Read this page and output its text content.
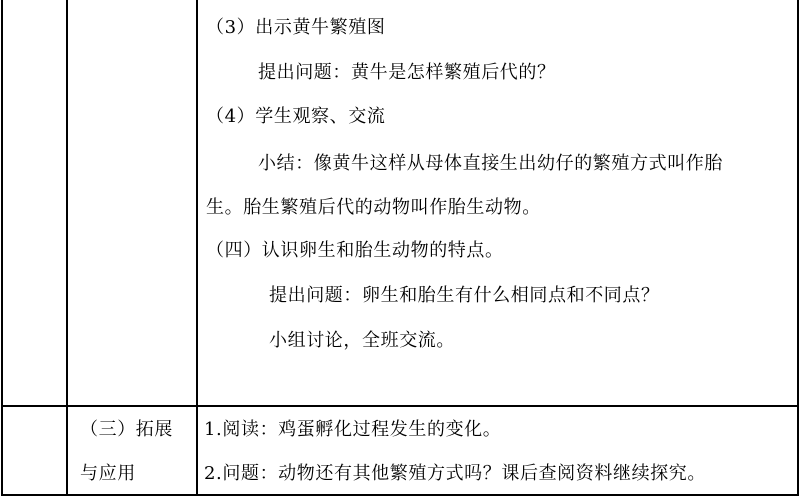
（3）出示黄牛繁殖图
提出问题：黄牛是怎样繁殖后代的？
（4）学生观察、交流
小结：像黄牛这样从母体直接生出幼仔的繁殖方式叫作胎
生。胎生繁殖后代的动物叫作胎生动物。
（四）认识卵生和胎生动物的特点。
提出问题：卵生和胎生有什么相同点和不同点？
小组讨论，全班交流。
（三）拓展
与应用
1.阅读：鸡蛋孵化过程发生的变化。
2.问题：动物还有其他繁殖方式吗？课后查阅资料继续探究。
